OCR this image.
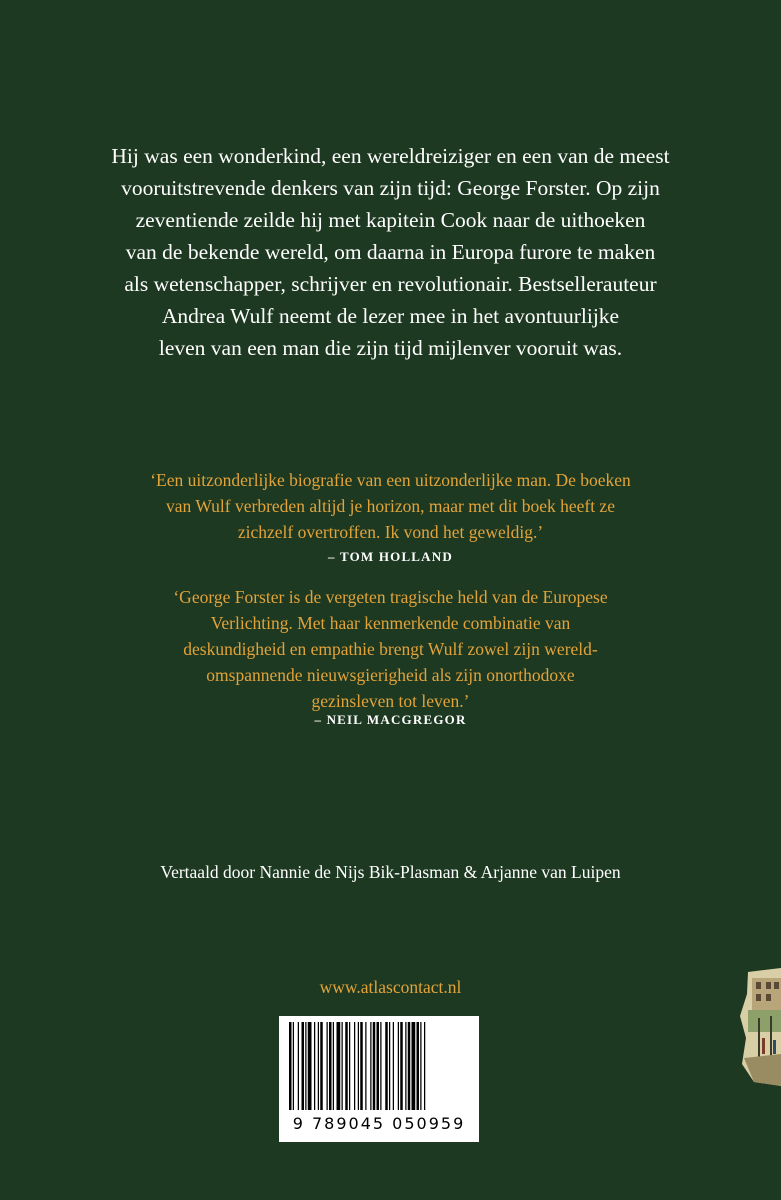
Hij was een wonderkind, een wereldreiziger en een van de meest
vooruitstrevende denkers van zijn tijd: George Forster. Op zijn
zeventiende zeilde hij met kapitein Cook naar de uithoeken
van de bekende wereld, om daarna in Europa furore te maken
als wetenschapper, schrijver en revolutionair. Bestsellerauteur
Andrea Wulf neemt de lezer mee in het avontuurlijke
leven van een man die zijn tijd mijlenver vooruit was.
‘Een uitzonderlijke biografie van een uitzonderlijke man. De boeken
van Wulf verbreden altijd je horizon, maar met dit boek heeft ze
zichzelf overtroffen. Ik vond het geweldig.’
– TOM HOLLAND
‘George Forster is de vergeten tragische held van de Europese
Verlichting. Met haar kenmerkende combinatie van
deskundigheid en empathie brengt Wulf zowel zijn wereld-
omspannende nieuwsgierigheid als zijn onorthodoxe
gezinsleven tot leven.’
– NEIL MACGREGOR
Vertaald door Nannie de Nijs Bik-Plasman & Arjanne van Luipen
www.atlascontact.nl
9 789045 050959
